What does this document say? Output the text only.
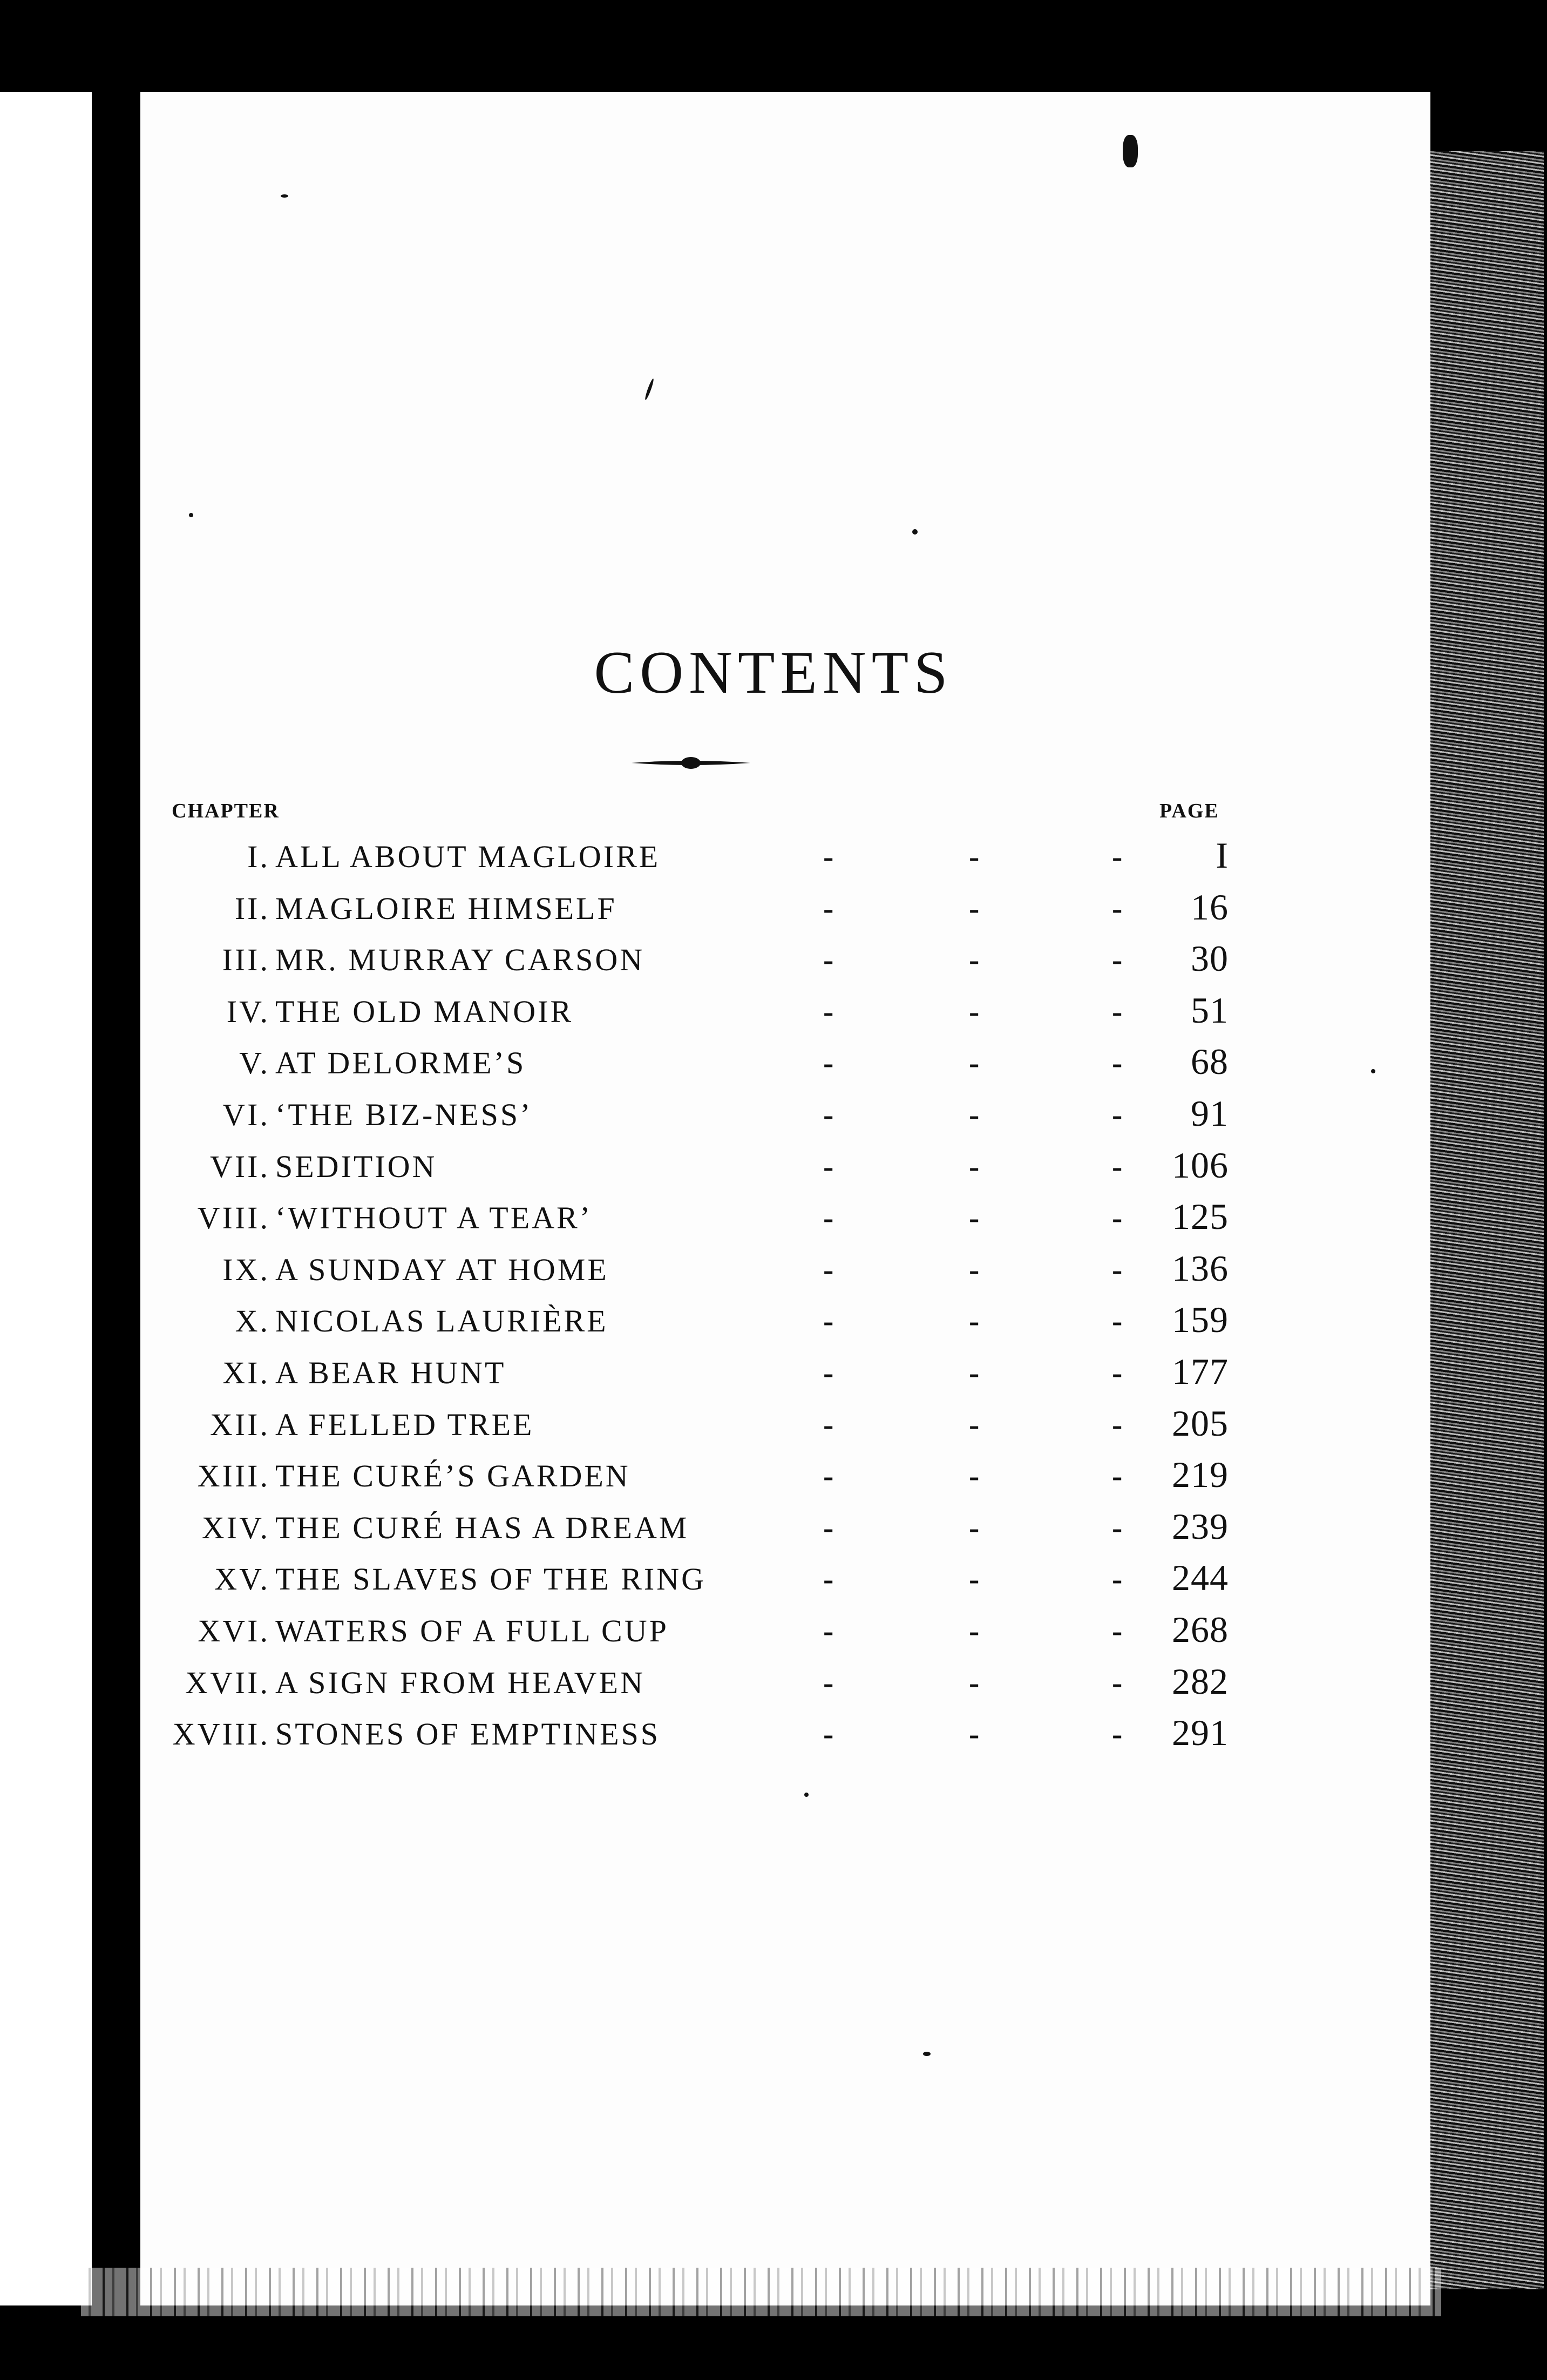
CONTENTS
CHAPTER	PAGE
I. ALL ABOUT MAGLOIRE	-	-	- I
II. MAGLOIRE HIMSELF	-	-	- 16
III. MR. MURRAY CARSON	-	-	- 30
IV. THE OLD MANOIR	-	-	- 51
V. AT DELORME’S	-	-	- 68
VI. ‘THE BIZ-NESS’	-	-	- 91
VII. SEDITION	-	-	- 106
VIII. ‘WITHOUT A TEAR’	-	-	- 125
IX. A SUNDAY AT HOME	-	-	- 136
X. NICOLAS LAURIÈRE	-	-	- 159
XI. A BEAR HUNT	-	-	- 177
XII. A FELLED TREE	-	-	- 205
XIII. THE CURÉ’S GARDEN	-	-	- 219
XIV. THE CURÉ HAS A DREAM	-	-	- 239
XV. THE SLAVES OF THE RING	-	-	- 244
XVI. WATERS OF A FULL CUP	-	-	- 268
XVII. A SIGN FROM HEAVEN	-	-	- 282
XVIII. STONES OF EMPTINESS	-	-	- 291
